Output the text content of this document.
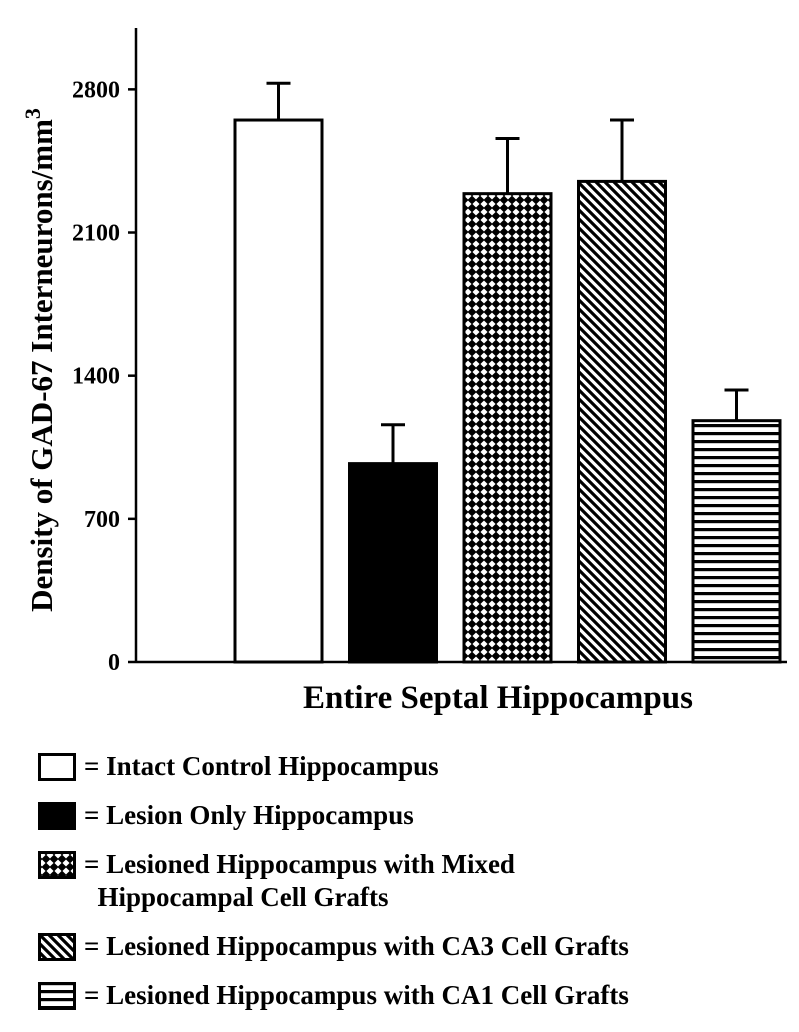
0
700
1400
2100
2800
Density of GAD-67 Interneurons/$mm^3$
Entire Septal Hippocampus
= Intact Control Hippocampus
= Lesion Only Hippocampus
= Lesioned Hippocampus with Mixed
Hippocampal Cell Grafts
= Lesioned Hippocampus with CA3 Cell Grafts
= Lesioned Hippocampus with CA1 Cell Grafts
